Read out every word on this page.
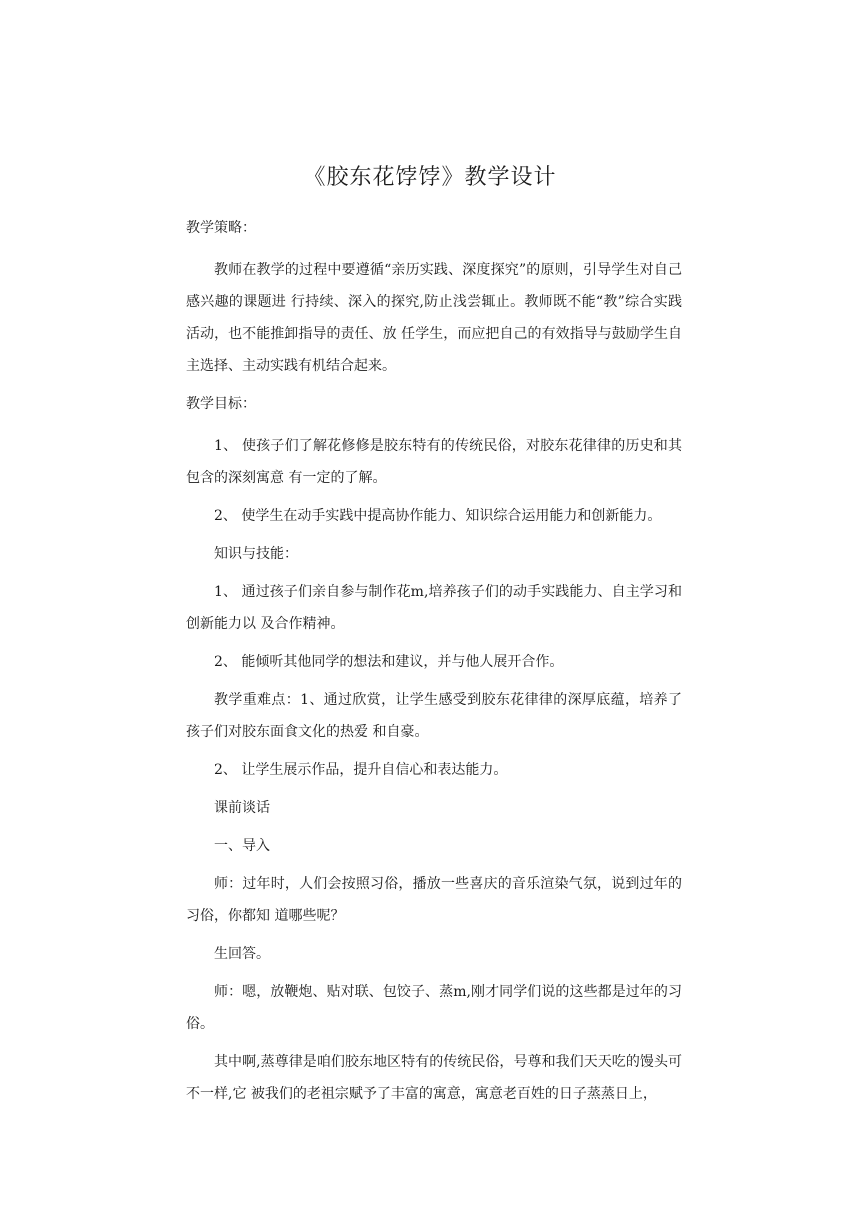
《胶东花饽饽》教学设计

教学策略：

教师在教学的过程中要遵循“亲历实践、深度探究”的原则，引导学生对自己感兴趣的课题进 行持续、深入的探究,防止浅尝辄止。教师既不能“教”综合实践活动，也不能推卸指导的责任、放 任学生，而应把自己的有效指导与鼓励学生自主选择、主动实践有机结合起来。

教学目标：

1、 使孩子们了解花修修是胶东特有的传统民俗，对胶东花律律的历史和其包含的深刻寓意 有一定的了解。

2、 使学生在动手实践中提高协作能力、知识综合运用能力和创新能力。

知识与技能：

1、 通过孩子们亲自参与制作花m,培养孩子们的动手实践能力、自主学习和创新能力以 及合作精神。

2、 能倾听其他同学的想法和建议，并与他人展开合作。

教学重难点：1、通过欣赏，让学生感受到胶东花律律的深厚底蕴，培养了孩子们对胶东面食文化的热爱 和自豪。

2、 让学生展示作品，提升自信心和表达能力。

课前谈话

一、导入

师：过年时，人们会按照习俗，播放一些喜庆的音乐渲染气氛，说到过年的习俗，你都知 道哪些呢？

生回答。

师：嗯，放鞭炮、贴对联、包饺子、蒸m,刚才同学们说的这些都是过年的习俗。

其中啊,蒸尊律是咱们胶东地区特有的传统民俗，号尊和我们天天吃的馒头可不一样,它 被我们的老祖宗赋予了丰富的寓意，寓意老百姓的日子蒸蒸日上，
